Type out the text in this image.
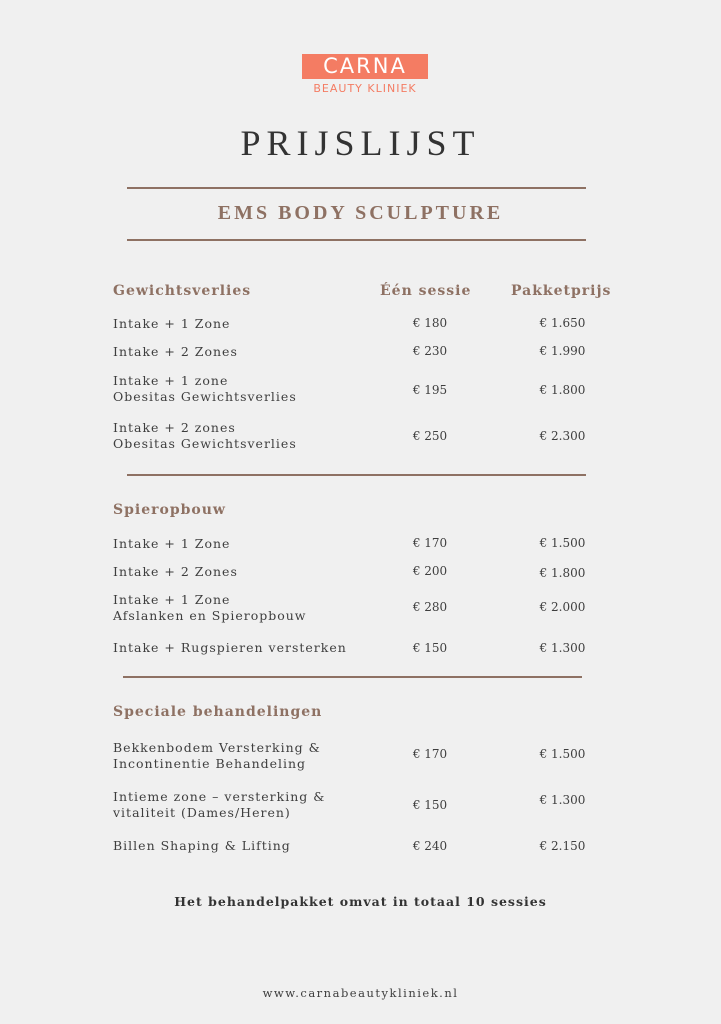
CARNA
BEAUTY KLINIEK
PRIJSLIJST
EMS BODY SCULPTURE
Gewichtsverlies	Één sessie	Pakketprijs
Intake + 1 Zone	€ 180	€ 1.650
Intake + 2 Zones	€ 230	€ 1.990
Intake + 1 zone
Obesitas Gewichtsverlies	€ 195	€ 1.800
Intake + 2 zones
Obesitas Gewichtsverlies	€ 250	€ 2.300
Spieropbouw
Intake + 1 Zone	€ 170	€ 1.500
Intake + 2 Zones	€ 200	€ 1.800
Intake + 1 Zone
Afslanken en Spieropbouw
€ 280	€ 2.000
Intake + Rugspieren versterken	€ 150	€ 1.300
Speciale behandelingen
Bekkenbodem Versterking &
Incontinentie Behandeling
€ 170	€ 1.500
Intieme zone – versterking &
vitaliteit (Dames/Heren)	€ 150	€ 1.300
Billen Shaping & Lifting	€ 240	€ 2.150
Het behandelpakket omvat in totaal 10 sessies
www.carnabeautykliniek.nl
